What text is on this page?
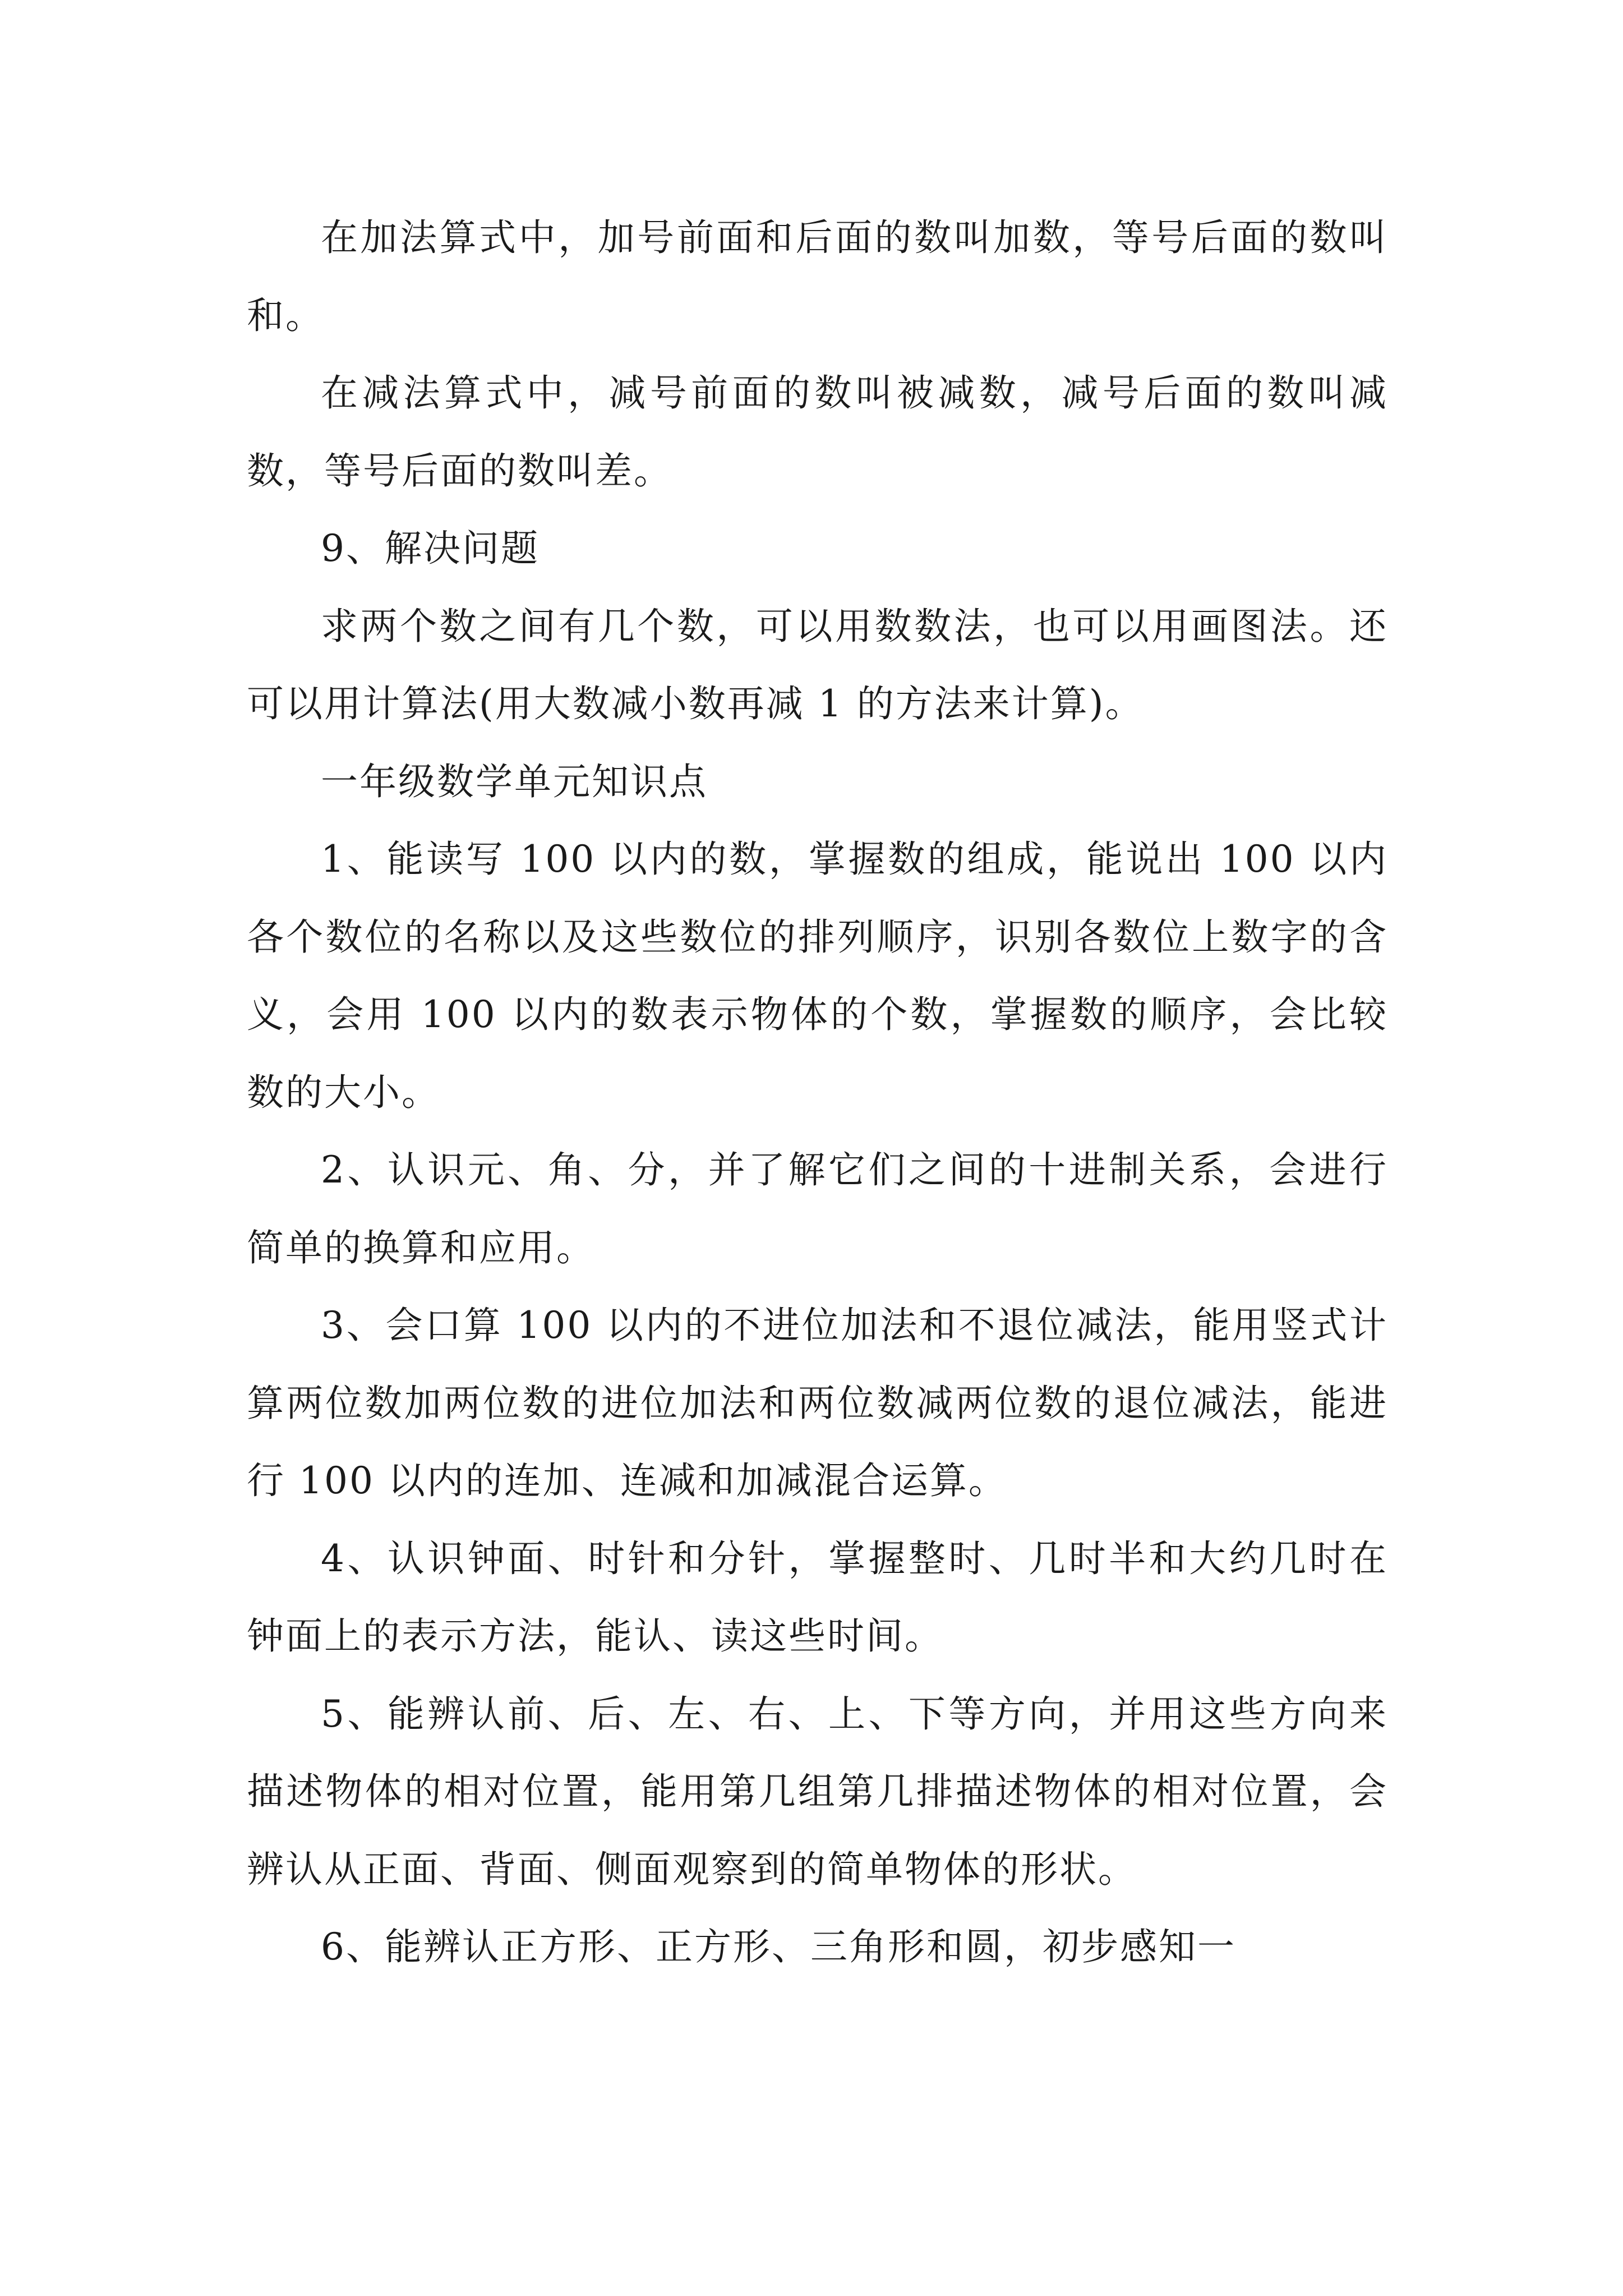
在加法算式中，加号前面和后面的数叫加数，等号后面的数叫和。

在减法算式中，减号前面的数叫被减数，减号后面的数叫减数，等号后面的数叫差。

9、解决问题

求两个数之间有几个数，可以用数数法，也可以用画图法。还可以用计算法(用大数减小数再减 1 的方法来计算)。

一年级数学单元知识点

1、能读写 100 以内的数，掌握数的组成，能说出 100 以内各个数位的名称以及这些数位的排列顺序，识别各数位上数字的含义，会用 100 以内的数表示物体的个数，掌握数的顺序，会比较数的大小。

2、认识元、角、分，并了解它们之间的十进制关系，会进行简单的换算和应用。

3、会口算 100 以内的不进位加法和不退位减法，能用竖式计算两位数加两位数的进位加法和两位数减两位数的退位减法，能进行 100 以内的连加、连减和加减混合运算。

4、认识钟面、时针和分针，掌握整时、几时半和大约几时在钟面上的表示方法，能认、读这些时间。

5、能辨认前、后、左、右、上、下等方向，并用这些方向来描述物体的相对位置，能用第几组第几排描述物体的相对位置，会辨认从正面、背面、侧面观察到的简单物体的形状。

6、能辨认正方形、正方形、三角形和圆，初步感知一
